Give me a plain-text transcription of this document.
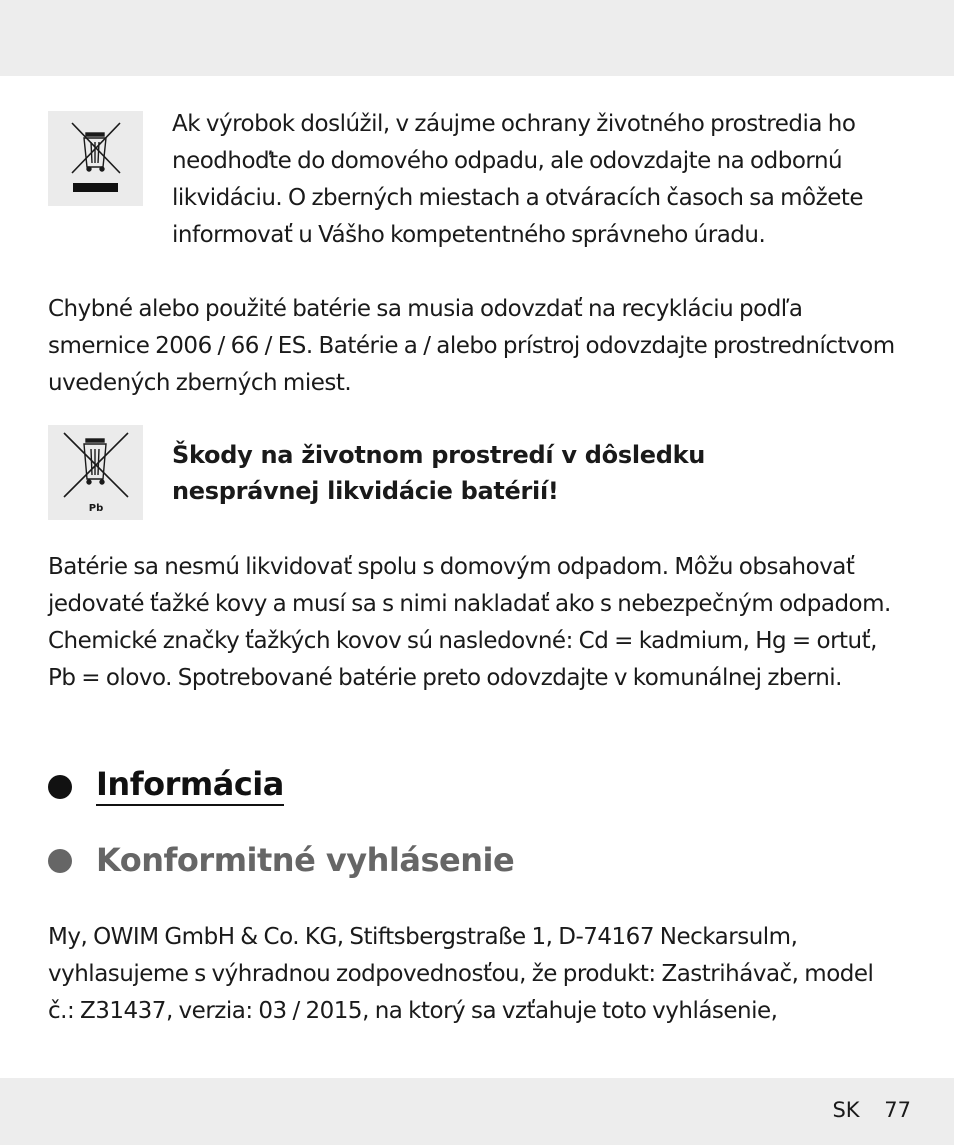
Ak výrobok doslúžil, v záujme ochrany životného prostredia ho
neodhoďte do domového odpadu, ale odovzdajte na odbornú
likvidáciu. O zberných miestach a otváracích časoch sa môžete
informovať u Vášho kompetentného správneho úradu.

Chybné alebo použité batérie sa musia odovzdať na recykláciu podľa
smernice 2006 / 66 / ES. Batérie a / alebo prístroj odovzdajte prostredníctvom
uvedených zberných miest.

Pb

Škody na životnom prostredí v dôsledku
nesprávnej likvidácie batérií!

Batérie sa nesmú likvidovať spolu s domovým odpadom. Môžu obsahovať
jedovaté ťažké kovy a musí sa s nimi nakladať ako s nebezpečným odpadom.
Chemické značky ťažkých kovov sú nasledovné: Cd = kadmium, Hg = ortuť,
Pb = olovo. Spotrebované batérie preto odovzdajte v komunálnej zberni.

Informácia
Konformitné vyhlásenie

My, OWIM GmbH & Co. KG, Stiftsbergstraße 1, D-74167 Neckarsulm,
vyhlasujeme s výhradnou zodpovednosťou, že produkt: Zastrihávač, model
č.: Z31437, verzia: 03 / 2015, na ktorý sa vzťahuje toto vyhlásenie,

SK 77
